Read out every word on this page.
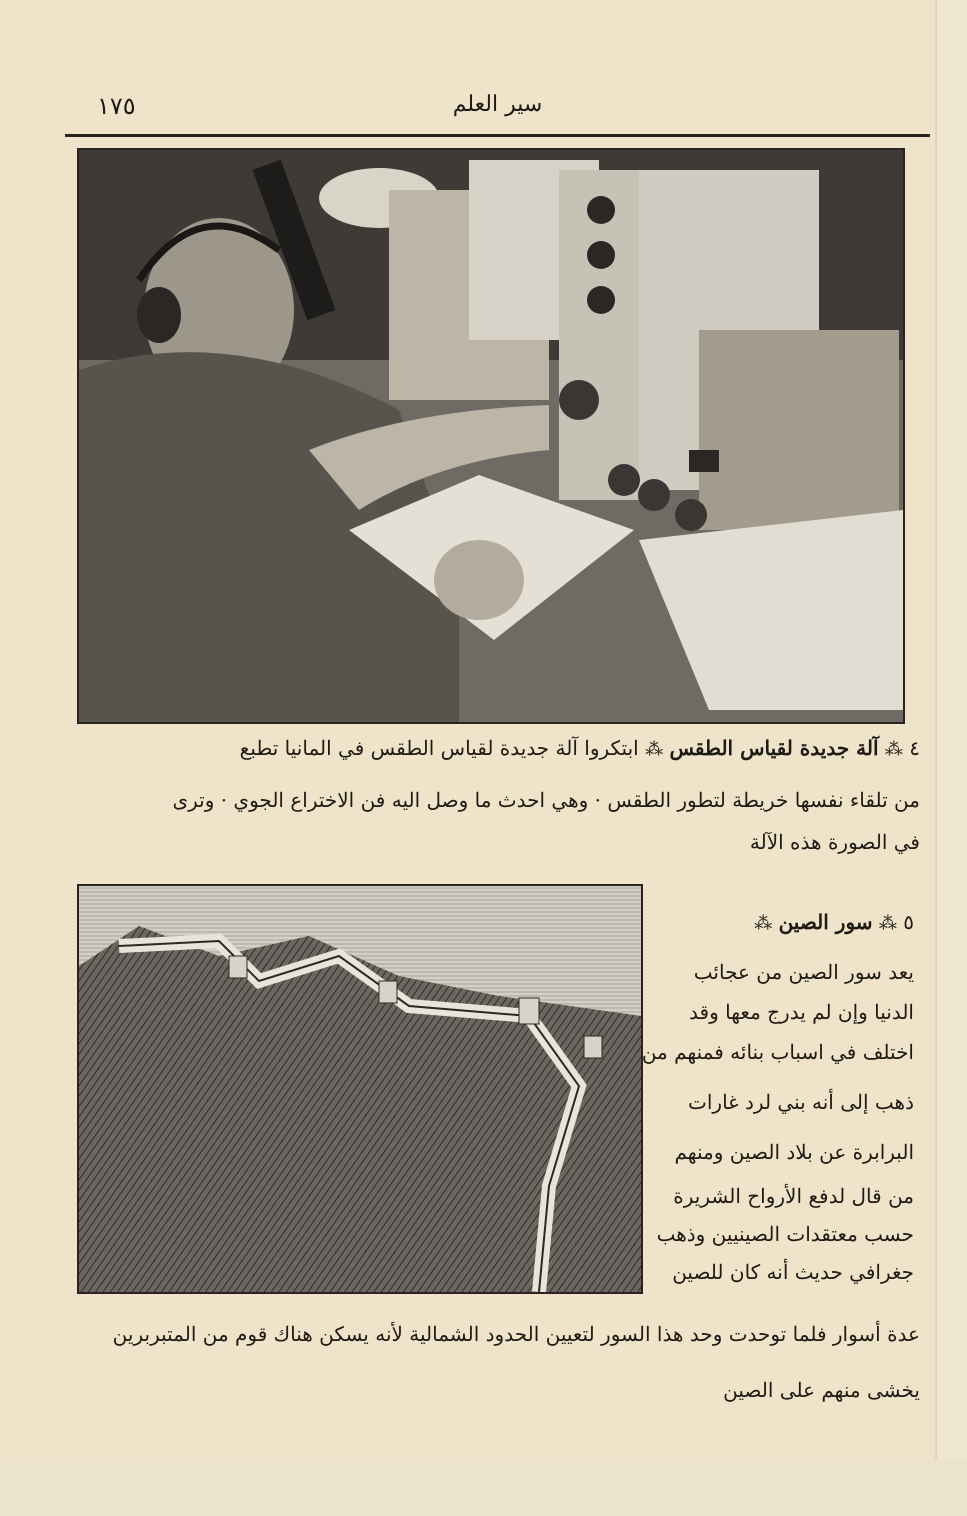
١٧٥	سير العلم
٤ ⁂ آلة جديدة لقياس الطقس ⁂ ابتكروا آلة جديدة لقياس الطقس في المانيا تطبع
من تلقاء نفسها خريطة لتطور الطقس · وهي احدث ما وصل اليه فن الاختراع الجوي · وترى
في الصورة هذه الآلة
٥ ⁂ سور الصين ⁂
يعد سور الصين من عجائب
الدنيا وإن لم يدرج معها وقد
اختلف في اسباب بنائه فمنهم من
ذهب إلى أنه بني لرد غارات
البرابرة عن بلاد الصين ومنهم
من قال لدفع الأرواح الشريرة
حسب معتقدات الصينيين وذهب
جغرافي حديث أنه كان للصين
عدة أسوار فلما توحدت وحد هذا السور لتعيين الحدود الشمالية لأنه يسكن هناك قوم من المتبربرين
يخشى منهم على الصين
